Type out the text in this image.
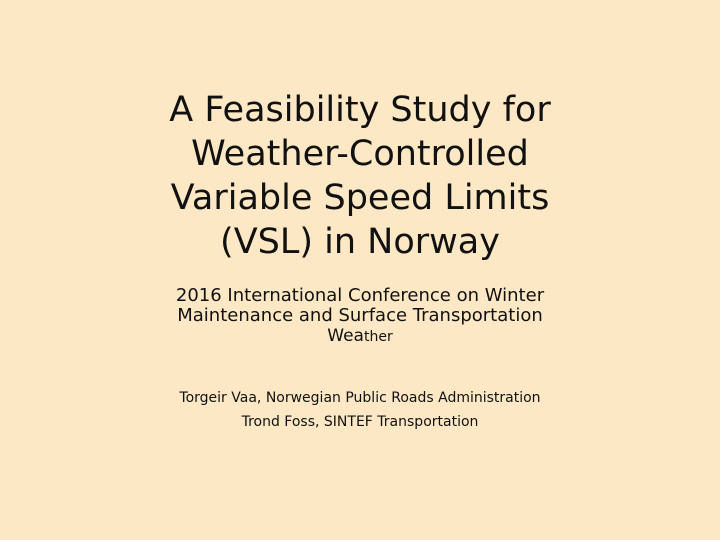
A Feasibility Study for
Weather-Controlled
Variable Speed Limits
(VSL) in Norway
2016 International Conference on Winter
Maintenance and Surface Transportation
Weather
Torgeir Vaa, Norwegian Public Roads Administration
Trond Foss, SINTEF Transportation
